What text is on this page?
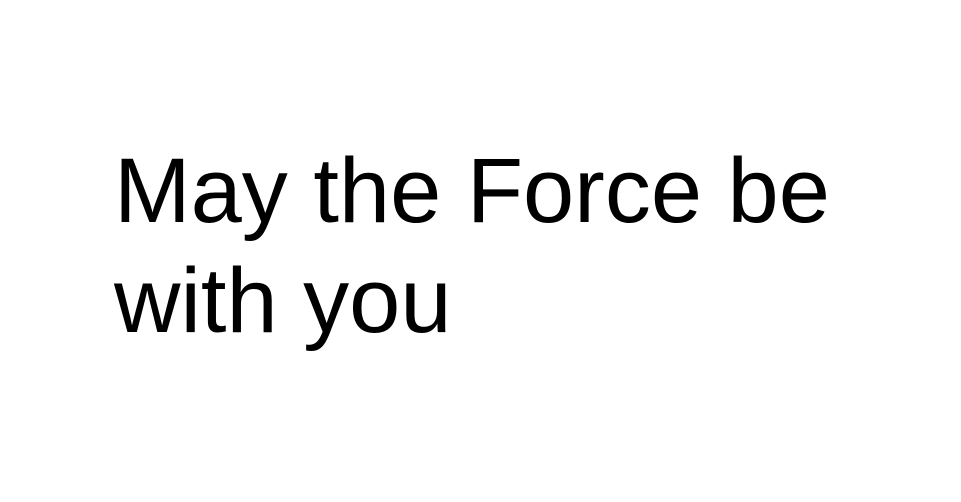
May the Force be
with you
